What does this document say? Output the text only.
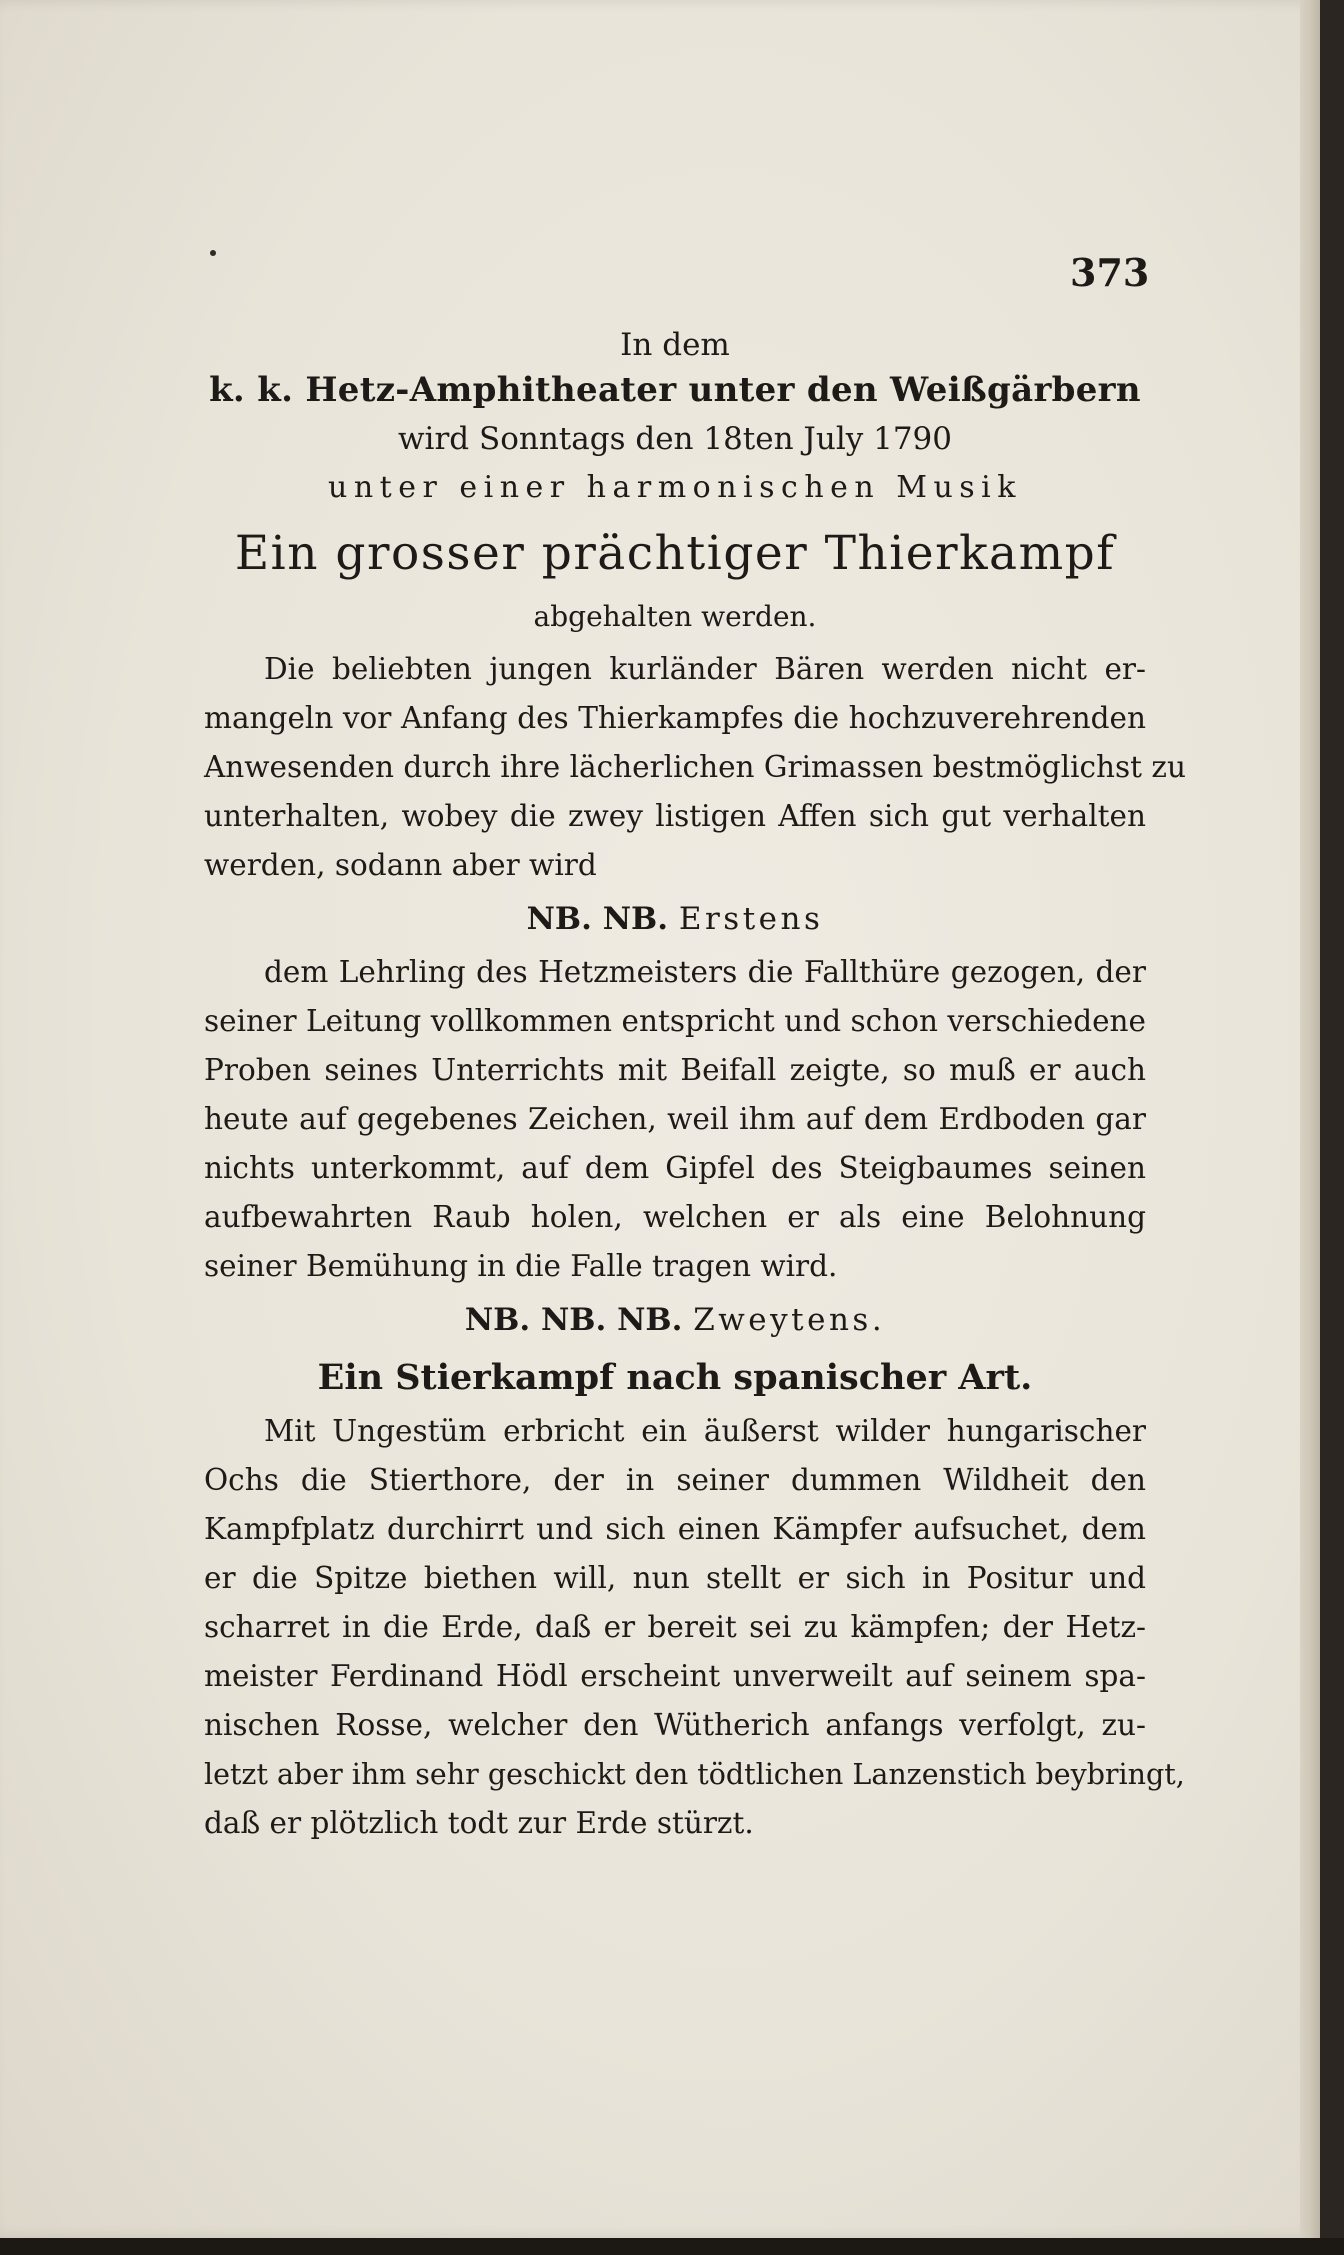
373

In dem

k. k. Hetz-Amphitheater unter den Weißgärbern

wird Sonntags den 18ten July 1790

unter einer harmonischen Musik

Ein grosser prächtiger Thierkampf

abgehalten werden.

Die beliebten jungen kurländer Bären werden nicht er-

mangeln vor Anfang des Thierkampfes die hochzuverehrenden

Anwesenden durch ihre lächerlichen Grimassen bestmöglichst zu

unterhalten, wobey die zwey listigen Affen sich gut verhalten

werden, sodann aber wird

NB. NB. Erstens

dem Lehrling des Hetzmeisters die Fallthüre gezogen, der

seiner Leitung vollkommen entspricht und schon verschiedene

Proben seines Unterrichts mit Beifall zeigte, so muß er auch

heute auf gegebenes Zeichen, weil ihm auf dem Erdboden gar

nichts unterkommt, auf dem Gipfel des Steigbaumes seinen

aufbewahrten Raub holen, welchen er als eine Belohnung

seiner Bemühung in die Falle tragen wird.

NB. NB. NB. Zweytens.

Ein Stierkampf nach spanischer Art.

Mit Ungestüm erbricht ein äußerst wilder hungarischer

Ochs die Stierthore, der in seiner dummen Wildheit den

Kampfplatz durchirrt und sich einen Kämpfer aufsuchet, dem

er die Spitze biethen will, nun stellt er sich in Positur und

scharret in die Erde, daß er bereit sei zu kämpfen; der Hetz-

meister Ferdinand Hödl erscheint unverweilt auf seinem spa-

nischen Rosse, welcher den Wütherich anfangs verfolgt, zu-

letzt aber ihm sehr geschickt den tödtlichen Lanzenstich beybringt,

daß er plötzlich todt zur Erde stürzt.
